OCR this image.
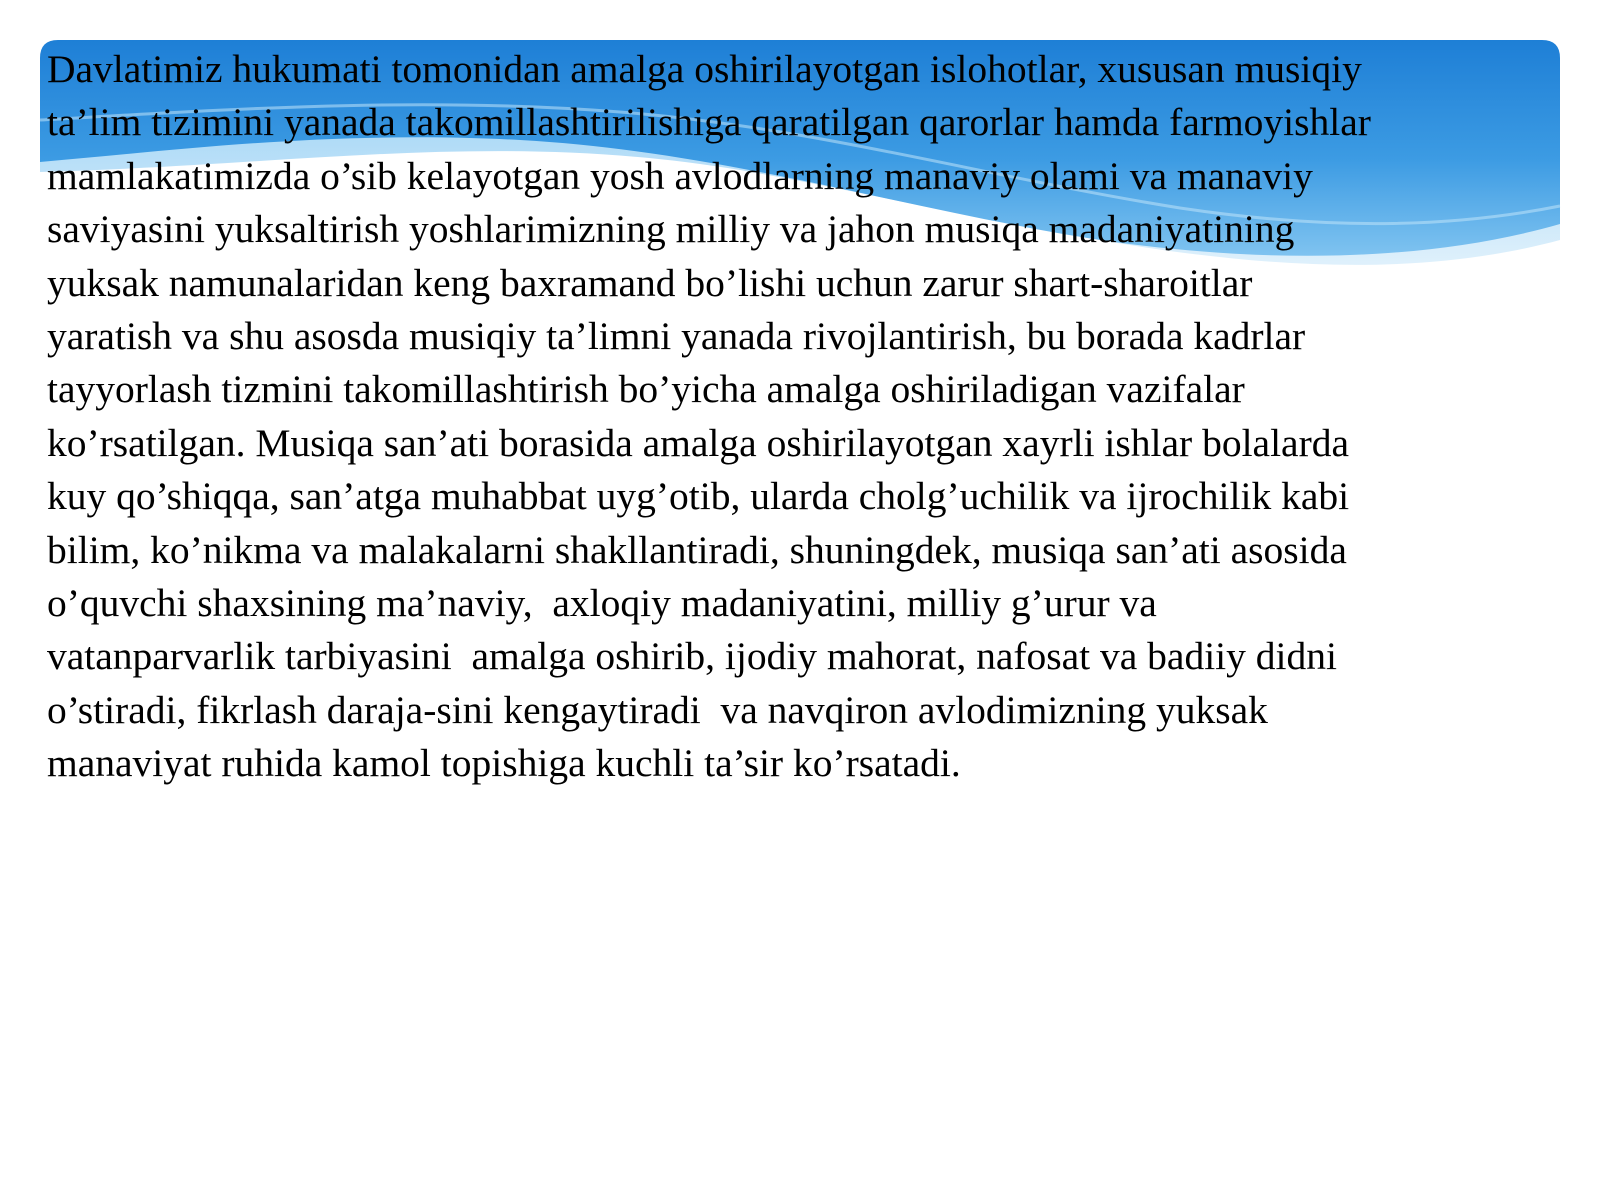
Davlatimiz hukumati tomonidan amalga oshirilayotgan islohotlar, xususan musiqiy
ta’lim tizimini yanada takomillashtirilishiga qaratilgan qarorlar hamda farmoyishlar
mamlakatimizda o’sib kelayotgan yosh avlodlarning manaviy olami va manaviy
saviyasini yuksaltirish yoshlarimizning milliy va jahon musiqa madaniyatining
yuksak namunalaridan keng baxramand bo’lishi uchun zarur shart-sharoitlar
yaratish va shu asosda musiqiy ta’limni yanada rivojlantirish, bu borada kadrlar
tayyorlash tizmini takomillashtirish bo’yicha amalga oshiriladigan vazifalar
ko’rsatilgan. Musiqa san’ati borasida amalga oshirilayotgan xayrli ishlar bolalarda
kuy qo’shiqqa, san’atga muhabbat uyg’otib, ularda cholg’uchilik va ijrochilik kabi
bilim, ko’nikma va malakalarni shakllantiradi, shuningdek, musiqa san’ati asosida
o’quvchi shaxsining ma’naviy,  axloqiy madaniyatini, milliy g’urur va
vatanparvarlik tarbiyasini  amalga oshirib, ijodiy mahorat, nafosat va badiiy didni
o’stiradi, fikrlash daraja-sini kengaytiradi  va navqiron avlodimizning yuksak
manaviyat ruhida kamol topishiga kuchli ta’sir ko’rsatadi.
